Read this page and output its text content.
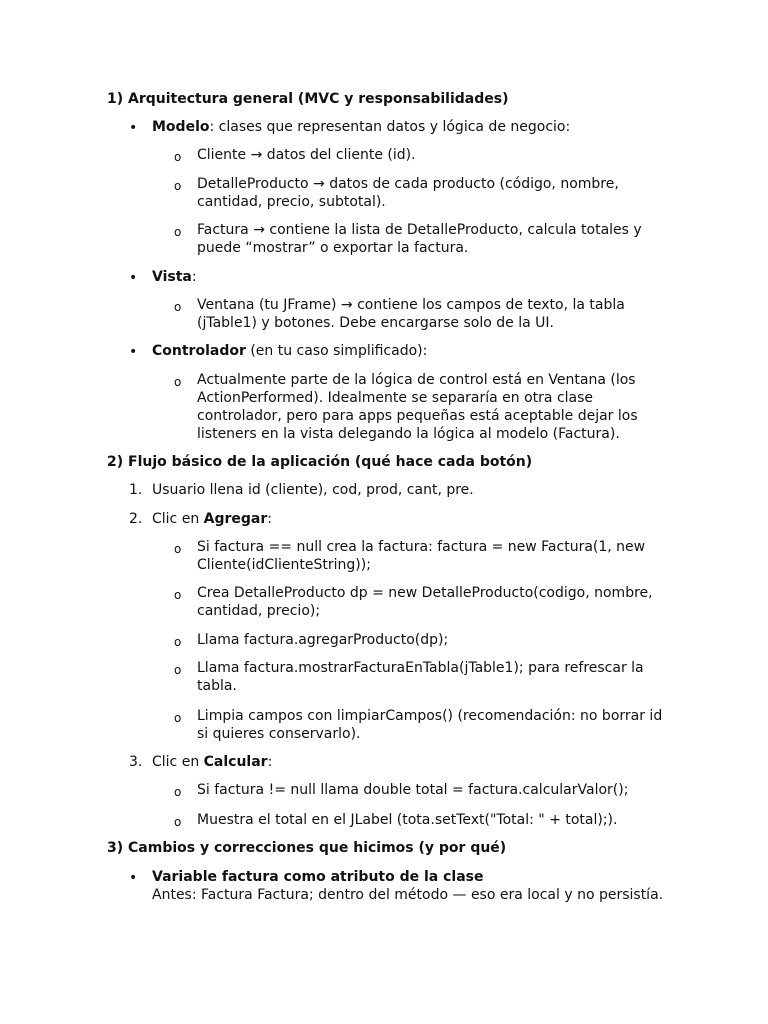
1) Arquitectura general (MVC y responsabilidades)
• Modelo: clases que representan datos y lógica de negocio:
o Cliente → datos del cliente (id).
o DetalleProducto → datos de cada producto (código, nombre,
cantidad, precio, subtotal).
o Factura → contiene la lista de DetalleProducto, calcula totales y
puede “mostrar” o exportar la factura.
• Vista:
o Ventana (tu JFrame) → contiene los campos de texto, la tabla
(jTable1) y botones. Debe encargarse solo de la UI.
• Controlador (en tu caso simplificado):
o Actualmente parte de la lógica de control está en Ventana (los
ActionPerformed). Idealmente se separaría en otra clase
controlador, pero para apps pequeñas está aceptable dejar los
listeners en la vista delegando la lógica al modelo (Factura).
2) Flujo básico de la aplicación (qué hace cada botón)
1. Usuario llena id (cliente), cod, prod, cant, pre.
2. Clic en Agregar:
o Si factura == null crea la factura: factura = new Factura(1, new
Cliente(idClienteString));
o Crea DetalleProducto dp = new DetalleProducto(codigo, nombre,
cantidad, precio);
o Llama factura.agregarProducto(dp);
o Llama factura.mostrarFacturaEnTabla(jTable1); para refrescar la
tabla.
o Limpia campos con limpiarCampos() (recomendación: no borrar id
si quieres conservarlo).
3. Clic en Calcular:
o Si factura != null llama double total = factura.calcularValor();
o Muestra el total en el JLabel (tota.setText("Total: " + total);).
3) Cambios y correcciones que hicimos (y por qué)
• Variable factura como atributo de la clase
Antes: Factura Factura; dentro del método — eso era local y no persistía.
